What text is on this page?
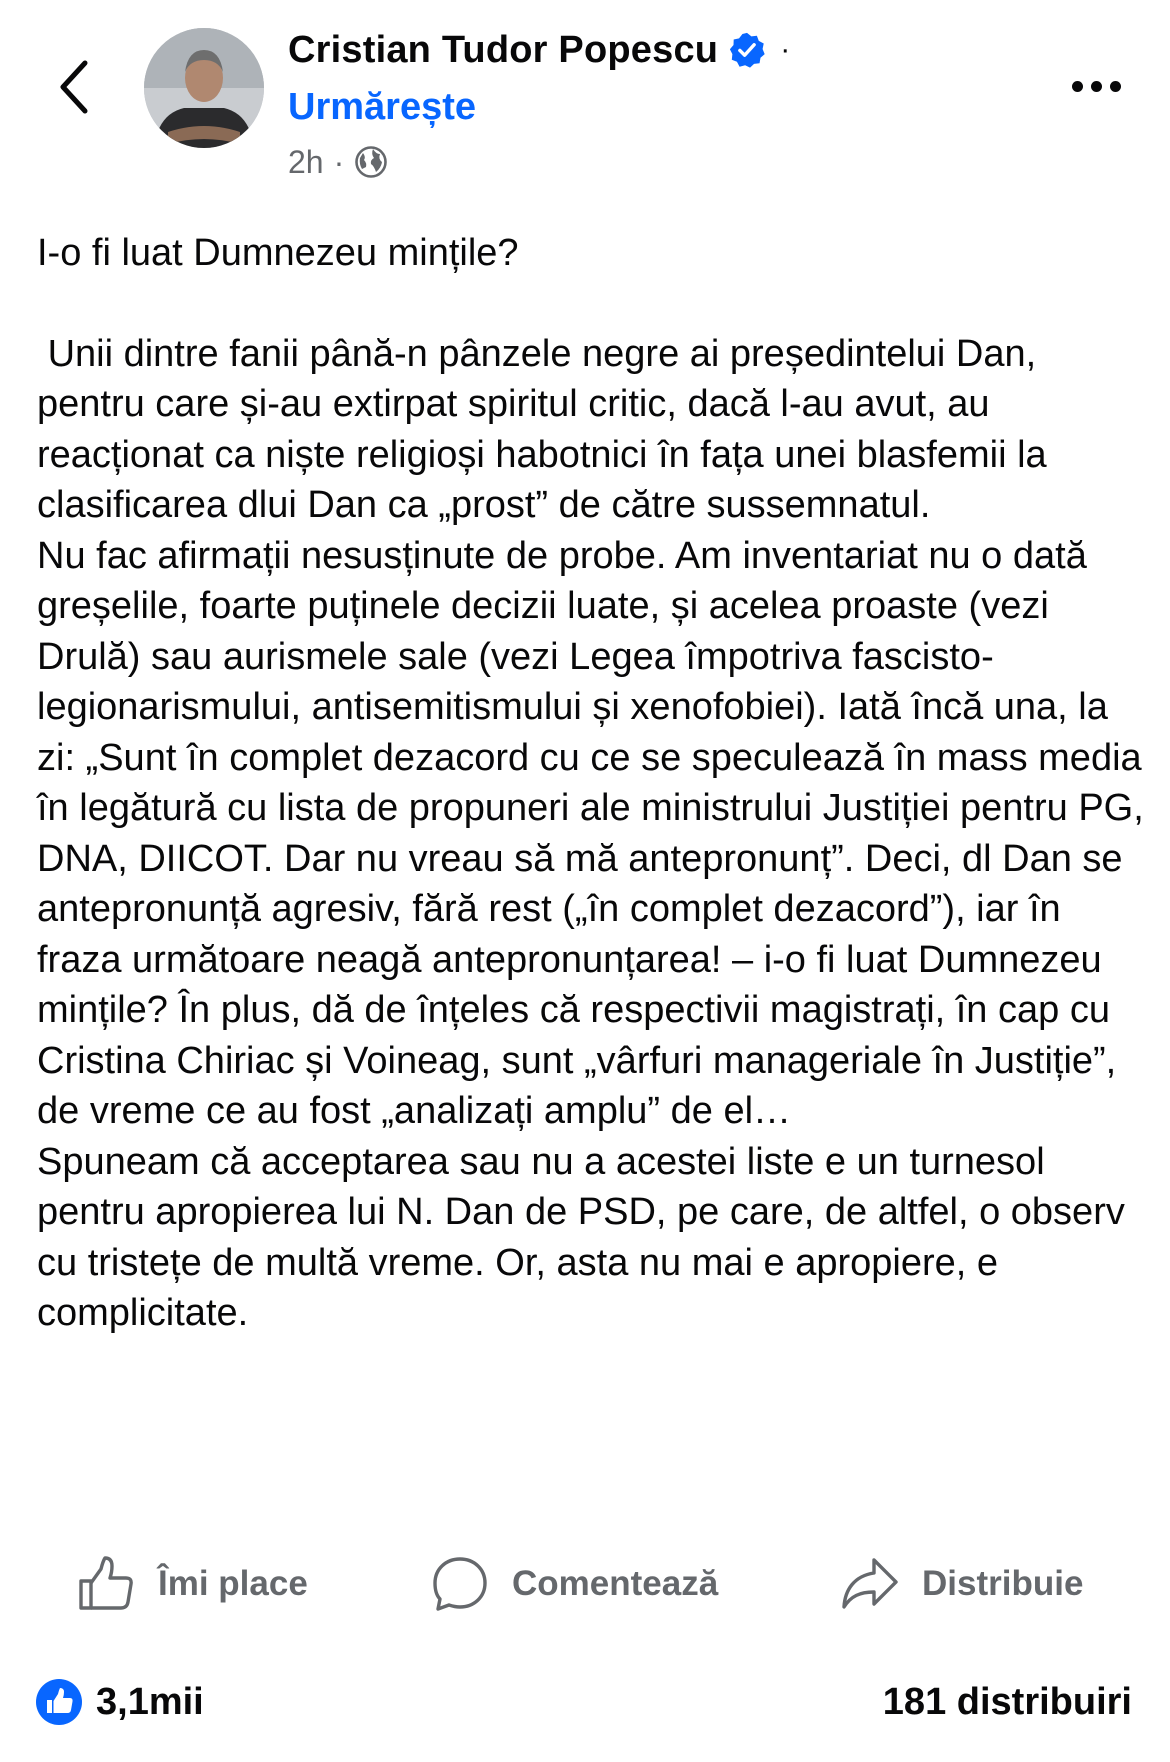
Cristian Tudor Popescu ·
Urmărește
2h ·

I-o fi luat Dumnezeu mințile?

Unii dintre fanii până-n pânzele negre ai președintelui Dan, pentru care și-au extirpat spiritul critic, dacă l-au avut, au reacționat ca niște religioși habotnici în fața unei blasfemii la clasificarea dlui Dan ca „prost” de către sussemnatul.
Nu fac afirmații nesusținute de probe. Am inventariat nu o dată greșelile, foarte puținele decizii luate, și acelea proaste (vezi Drulă) sau aurismele sale (vezi Legea împotriva fascisto-legionarismului, antisemitismului și xenofobiei). Iată încă una, la zi: „Sunt în complet dezacord cu ce se speculează în mass media în legătură cu lista de propuneri ale ministrului Justiției pentru PG, DNA, DIICOT. Dar nu vreau să mă antepronunț”. Deci, dl Dan se antepronunță agresiv, fără rest („în complet dezacord”), iar în fraza următoare neagă antepronunțarea! – i-o fi luat Dumnezeu mințile? În plus, dă de înțeles că respectivii magistrați, în cap cu Cristina Chiriac și Voineag, sunt „vârfuri manageriale în Justiție”, de vreme ce au fost „analizați amplu” de el…
Spuneam că acceptarea sau nu a acestei liste e un turnesol pentru apropierea lui N. Dan de PSD, pe care, de altfel, o observ cu tristețe de multă vreme. Or, asta nu mai e apropiere, e complicitate.

Îmi place	Comentează	Distribuie
3,1mii	181 distribuiri
